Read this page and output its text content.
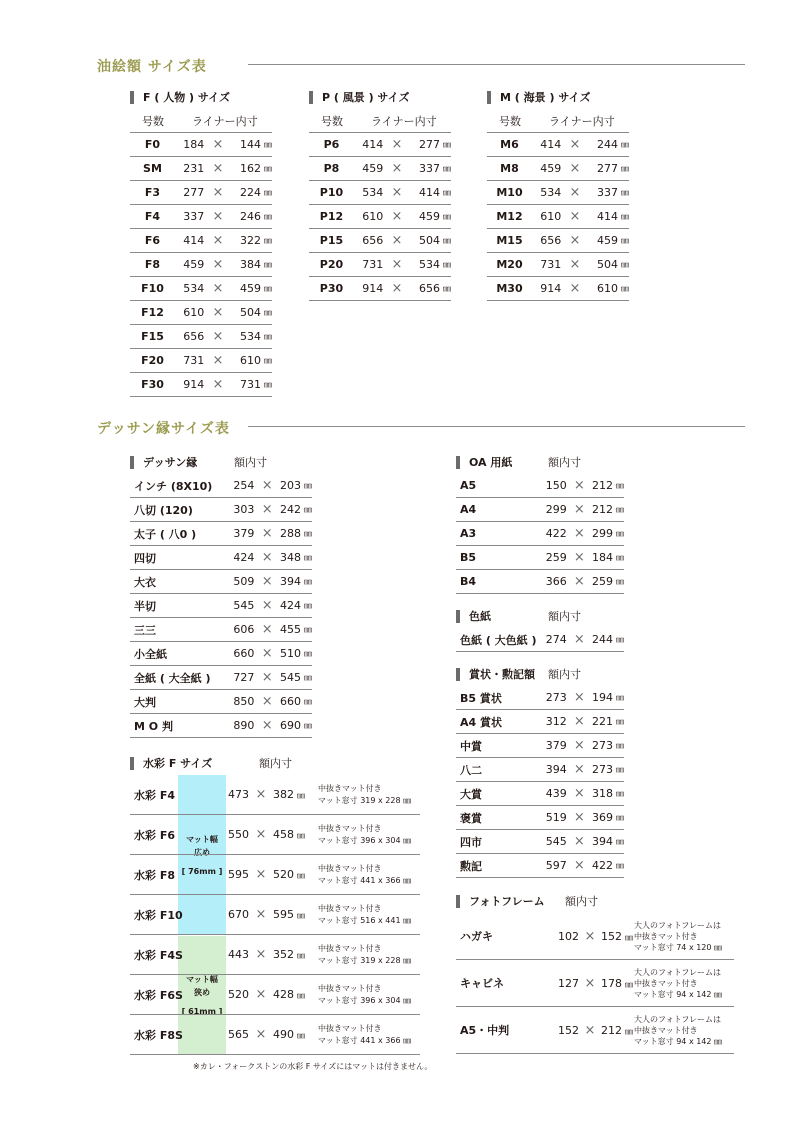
油絵額 サイズ表
F ( 人物 ) サイズ
号数	ライナー内寸
F0	184 ×	144 ㎜
SM	231 ×	162 ㎜
F3	277 ×	224 ㎜
F4	337 ×	246 ㎜
F6	414 ×	322 ㎜
F8	459 ×	384 ㎜
F10	534 ×	459 ㎜
F12	610 ×	504 ㎜
F15	656 ×	534 ㎜
F20	731 ×	610 ㎜
F30	914 ×	731 ㎜
P ( 風景 ) サイズ
号数	ライナー内寸
P6	414 ×	277 ㎜
P8	459 ×	337 ㎜
P10	534 ×	414 ㎜
P12	610 ×	459 ㎜
P15	656 ×	504 ㎜
P20	731 ×	534 ㎜
P30	914 ×	656 ㎜
M ( 海景 ) サイズ
号数	ライナー内寸
M6	414 ×	244 ㎜
M8	459 ×	277 ㎜
M10	534 ×	337 ㎜
M12	610 ×	414 ㎜
M15	656 ×	459 ㎜
M20	731 ×	504 ㎜
M30	914 ×	610 ㎜
デッサン縁サイズ表
デッサン縁	額内寸
インチ (8X10)	254 × 203 ㎜
八切 (120)	303 × 242 ㎜
太子 ( 八0 )	379 × 288 ㎜
四切	424 × 348 ㎜
大衣	509 × 394 ㎜
半切	545 × 424 ㎜
三三	606 × 455 ㎜
小全紙	660 × 510 ㎜
全紙 ( 大全紙 )	727 × 545 ㎜
大判	850 × 660 ㎜
M O 判	890 × 690 ㎜
OA 用紙	額内寸
A5	150 × 212 ㎜
A4	299 × 212 ㎜
A3	422 × 299 ㎜
B5	259 × 184 ㎜
B4	366 × 259 ㎜
色紙	額内寸
色紙 ( 大色紙 ) 274 × 244 ㎜
賞状・勲記額	額内寸
B5 賞状	273 × 194 ㎜
A4 賞状	312 × 221 ㎜
中賞	379 × 273 ㎜
八二	394 × 273 ㎜
大賞	439 × 318 ㎜
褒賞	519 × 369 ㎜
四市	545 × 394 ㎜
勲記	597 × 422 ㎜
水彩 F サイズ	額内寸
マット幅
広め
[ 76mm ]
マット幅
狭め
[ 61mm ]
水彩 F4	473 × 382 ㎜
中抜きマット付き
マット窓寸 319 x 228 ㎜
水彩 F6	550 × 458 ㎜
中抜きマット付き
マット窓寸 396 x 304 ㎜
水彩 F8	595 × 520 ㎜
中抜きマット付き
マット窓寸 441 x 366 ㎜
水彩 F10	670 × 595 ㎜
中抜きマット付き
マット窓寸 516 x 441 ㎜
水彩 F4S	443 × 352 ㎜
中抜きマット付き
マット窓寸 319 x 228 ㎜
水彩 F6S	520 × 428 ㎜
中抜きマット付き
マット窓寸 396 x 304 ㎜
水彩 F8S	565 × 490 ㎜
中抜きマット付き
マット窓寸 441 x 366 ㎜
※カレ・フォークストンの水彩 F サイズにはマットは付きません。
フォトフレーム	額内寸
ハガキ	102 × 152 ㎜
大人のフォトフレームは
中抜きマット付き
マット窓寸 74 x 120 ㎜
キャビネ	127 × 178 ㎜
大人のフォトフレームは
中抜きマット付き
マット窓寸 94 x 142 ㎜
A5・中判	152 × 212 ㎜
大人のフォトフレームは
中抜きマット付き
マット窓寸 94 x 142 ㎜
